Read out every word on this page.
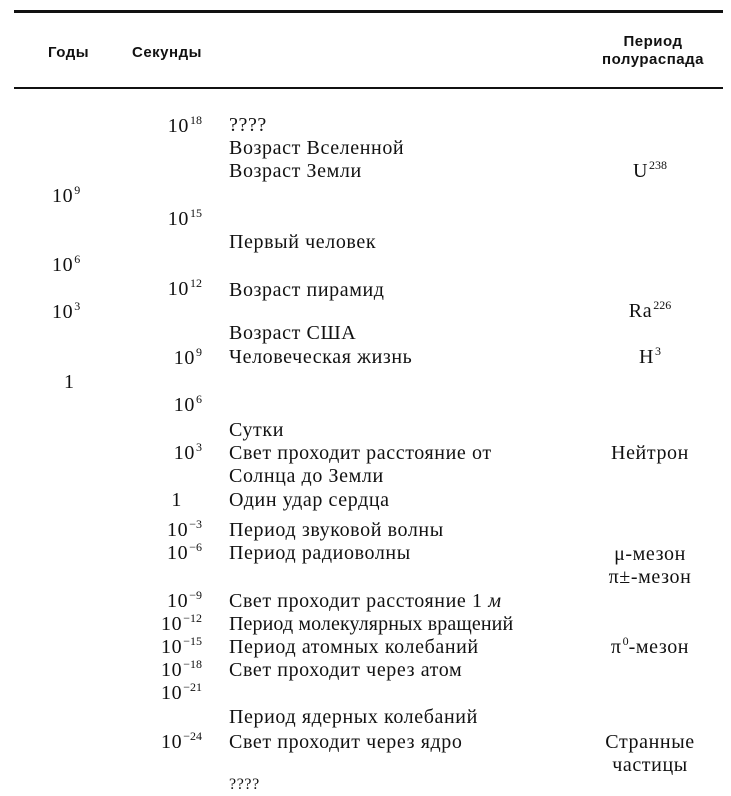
Годы	Секунды
Период
полураспада
$10^9$
$10^6$
$10^3$
1
$10^{18}$
$10^{15}$
$10^{12}$
$10^9$
$10^6$
$10^3$
1
$10^{-3}$
$10^{-6}$
$10^{-9}$
$10^{-12}$
$10^{-15}$
$10^{-18}$
$10^{-21}$
$10^{-24}$
????
Возраст Вселенной
Возраст Земли
Первый человек
Возраст пирамид
Возраст США
Человеческая жизнь
Сутки
Свет проходит расстояние от
Солнца до Земли
Один удар сердца
Период звуковой волны
Период радиоволны
Свет проходит расстояние 1 м
Период молекулярных вращений
Период атомных колебаний
Свет проходит через атом
Период ядерных колебаний
Свет проходит через ядро
????
$U^{238}$
Ra$^{226}$
$H^3$
Нейтрон
μ-мезон
π±-мезон
$\pi^0$-мезон
Странные
частицы
